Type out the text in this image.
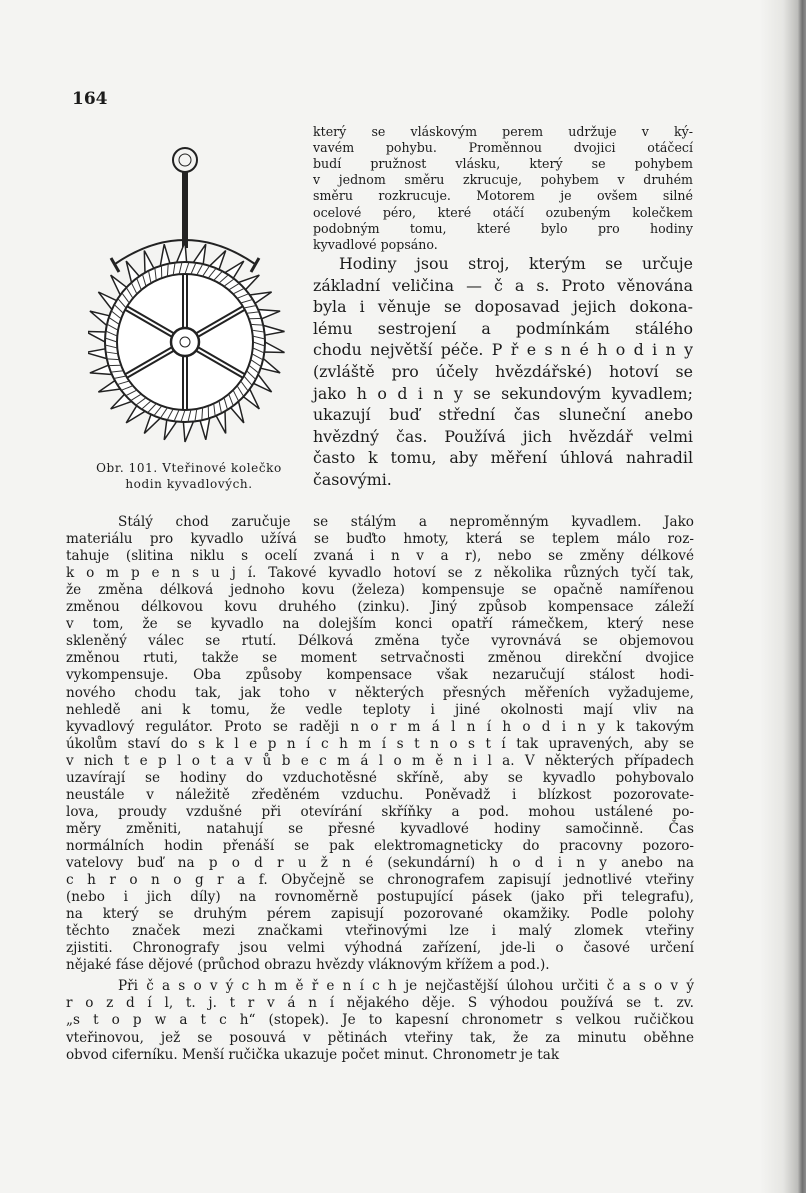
164
Obr. 101. Vteřinové kolečko
hodin kyvadlových.
který se vláskovým perem udržuje v ký-
vavém pohybu. Proměnnou dvojici otáčecí
budí pružnost vlásku, který se pohybem
v jednom směru zkrucuje, pohybem v druhém
směru rozkrucuje. Motorem je ovšem silné
ocelové péro, které otáčí ozubeným kolečkem
podobným tomu, které bylo pro hodiny
kyvadlové popsáno.
Hodiny jsou stroj, kterým se určuje
základní veličina — č a s. Proto věnována
byla i věnuje se doposavad jejich dokona-
lému sestrojení a podmínkám stálého
chodu největší péče. P ř e s n é h o d i n y
(zvláště pro účely hvězdářské) hotoví se
jako h o d i n y se sekundovým kyvadlem;
ukazují buď střední čas sluneční anebo
hvězdný čas. Používá jich hvězdář velmi
často k tomu, aby měření úhlová nahradil
časovými.
Stálý chod zaručuje se stálým a neproměnným kyvadlem. Jako
materiálu pro kyvadlo užívá se buďto hmoty, která se teplem málo roz-
tahuje (slitina niklu s ocelí zvaná i n v a r), nebo se změny délkové
k o m p e n s u j í. Takové kyvadlo hotoví se z několika různých tyčí tak,
že změna délková jednoho kovu (železa) kompensuje se opačně namířenou
změnou délkovou kovu druhého (zinku). Jiný způsob kompensace záleží
v tom, že se kyvadlo na dolejším konci opatří rámečkem, který nese
skleněný válec se rtutí. Délková změna tyče vyrovnává se objemovou
změnou rtuti, takže se moment setrvačnosti změnou direkční dvojice
vykompensuje. Oba způsoby kompensace však nezaručují stálost hodi-
nového chodu tak, jak toho v některých přesných měřeních vyžadujeme,
nehledě ani k tomu, že vedle teploty i jiné okolnosti mají vliv na
kyvadlový regulátor. Proto se raději n o r m á l n í h o d i n y k takovým
úkolům staví do s k l e p n í c h m í s t n o s t í tak upravených, aby se
v nich t e p l o t a v ů b e c m á l o m ě n i l a. V některých případech
uzavírají se hodiny do vzduchotěsné skříně, aby se kyvadlo pohybovalo
neustále v náležitě zředěném vzduchu. Poněvadž i blízkost pozorovate-
lova, proudy vzdušné při otevírání skříňky a pod. mohou ustálené po-
měry změniti, natahují se přesné kyvadlové hodiny samočinně. Čas
normálních hodin přenáší se pak elektromagneticky do pracovny pozoro-
vatelovy buď na p o d r u ž n é (sekundární) h o d i n y anebo na
c h r o n o g r a f. Obyčejně se chronografem zapisují jednotlivé vteřiny
(nebo i jich díly) na rovnoměrně postupující pásek (jako při telegrafu),
na který se druhým pérem zapisují pozorované okamžiky. Podle polohy
těchto značek mezi značkami vteřinovými lze i malý zlomek vteřiny
zjistiti. Chronografy jsou velmi výhodná zařízení, jde-li o časové určení
nějaké fáse dějové (průchod obrazu hvězdy vláknovým křížem a pod.).
Při č a s o v ý c h m ě ř e n í c h je nejčastější úlohou určiti č a s o v ý
r o z d í l, t. j. t r v á n í nějakého děje. S výhodou používá se t. zv.
„s t o p w a t c h“ (stopek). Je to kapesní chronometr s velkou ručičkou
vteřinovou, jež se posouvá v pětinách vteřiny tak, že za minutu oběhne
obvod ciferníku. Menší ručička ukazuje počet minut. Chronometr je tak
